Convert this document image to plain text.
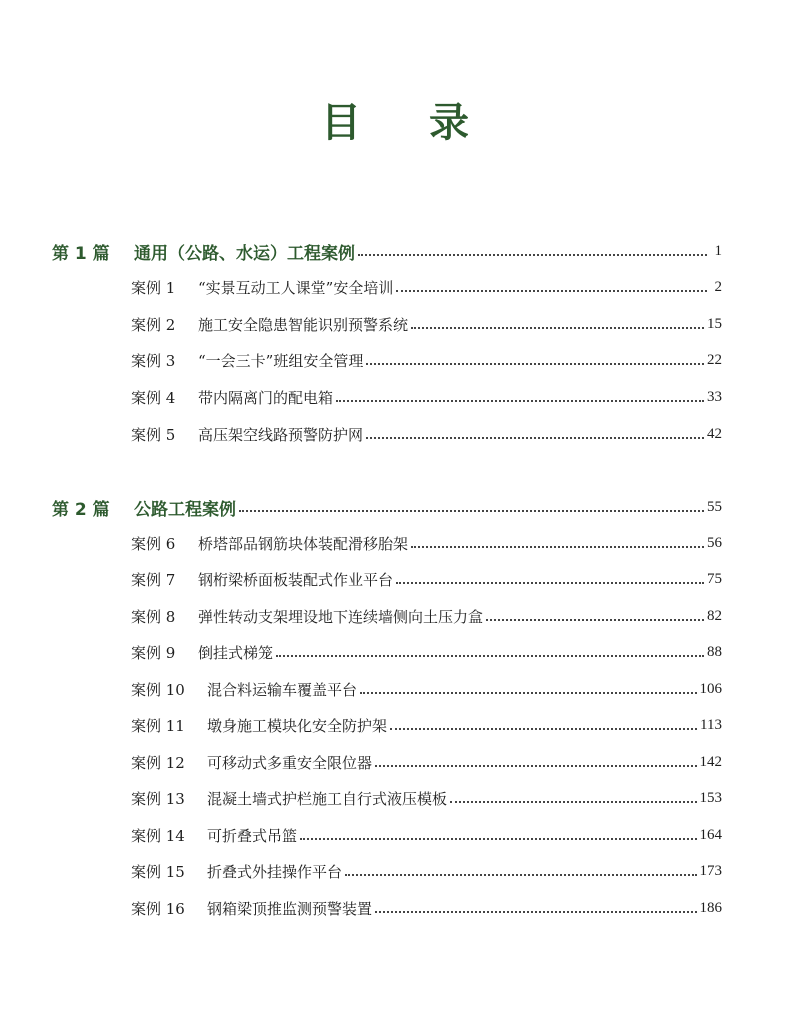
目 录
第 1 篇 通用（公路、水运）工程案例	1
案例 1 “实景互动工人课堂”安全培训	2
案例 2 施工安全隐患智能识别预警系统	15
案例 3 “一会三卡”班组安全管理	22
案例 4 带内隔离门的配电箱	33
案例 5 高压架空线路预警防护网	42
第 2 篇 公路工程案例	55
案例 6 桥塔部品钢筋块体装配滑移胎架	56
案例 7 钢桁梁桥面板装配式作业平台	75
案例 8 弹性转动支架埋设地下连续墙侧向土压力盒	82
案例 9 倒挂式梯笼	88
案例 10 混合料运输车覆盖平台	106
案例 11 墩身施工模块化安全防护架	113
案例 12 可移动式多重安全限位器	142
案例 13 混凝土墙式护栏施工自行式液压模板	153
案例 14 可折叠式吊篮	164
案例 15 折叠式外挂操作平台	173
案例 16 钢箱梁顶推监测预警装置	186
